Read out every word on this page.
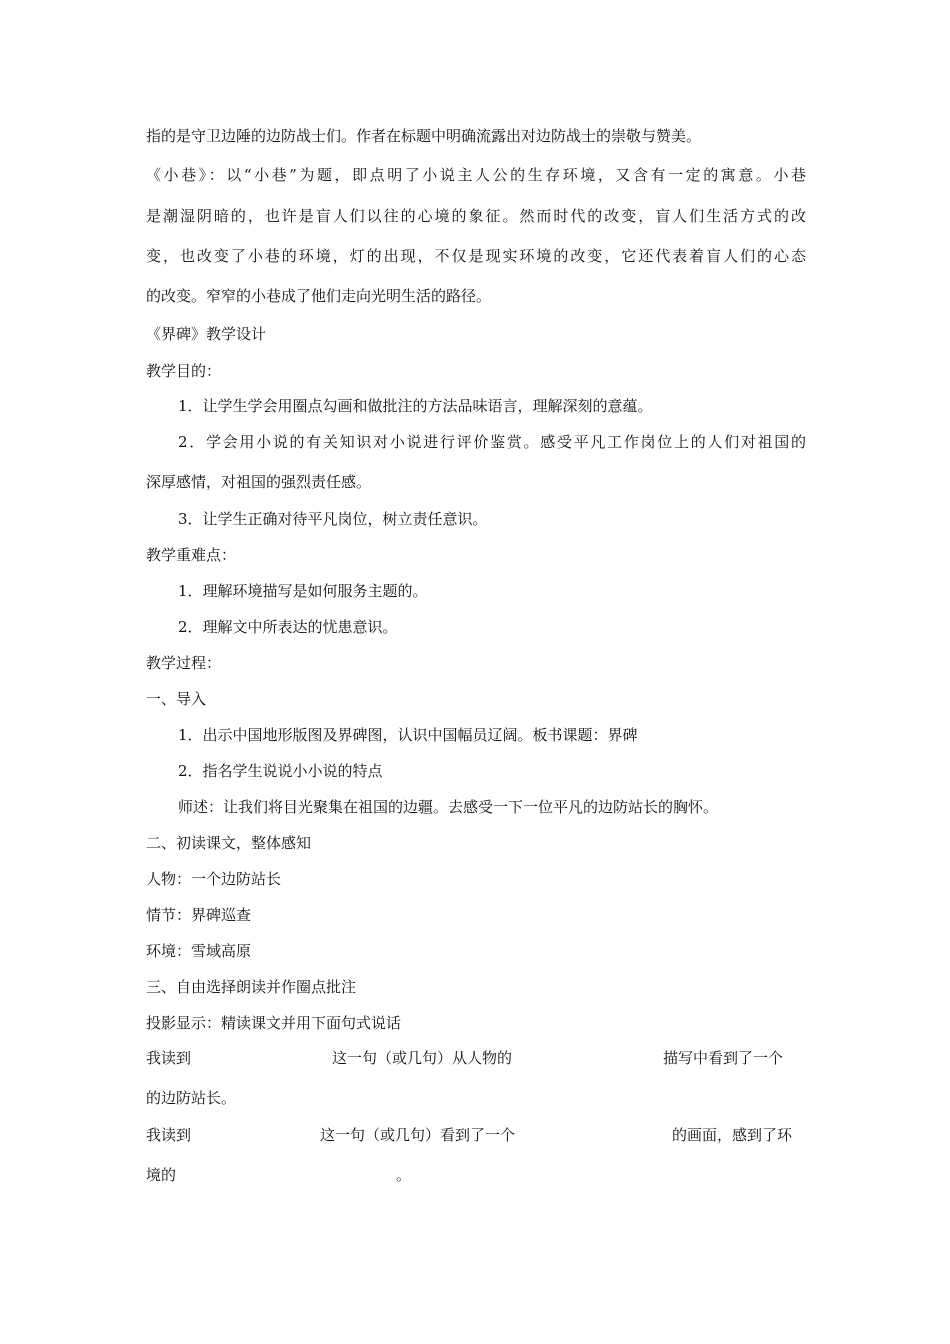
指的是守卫边陲的边防战士们。作者在标题中明确流露出对边防战士的崇敬与赞美。
《小巷》：以“小巷”为题，即点明了小说主人公的生存环境，又含有一定的寓意。小巷
是潮湿阴暗的，也许是盲人们以往的心境的象征。然而时代的改变，盲人们生活方式的改
变，也改变了小巷的环境，灯的出现，不仅是现实环境的改变，它还代表着盲人们的心态
的改变。窄窄的小巷成了他们走向光明生活的路径。
《界碑》教学设计
教学目的：
1．让学生学会用圈点勾画和做批注的方法品味语言，理解深刻的意蕴。
2．学会用小说的有关知识对小说进行评价鉴赏。感受平凡工作岗位上的人们对祖国的
深厚感情，对祖国的强烈责任感。
3．让学生正确对待平凡岗位，树立责任意识。
教学重难点：
1．理解环境描写是如何服务主题的。
2．理解文中所表达的忧患意识。
教学过程：
一、导入
1．出示中国地形版图及界碑图，认识中国幅员辽阔。板书课题：界碑
2．指名学生说说小小说的特点
师述：让我们将目光聚集在祖国的边疆。去感受一下一位平凡的边防站长的胸怀。
二、初读课文，整体感知
人物：一个边防站长
情节：界碑巡查
环境：雪域高原
三、自由选择朗读并作圈点批注
投影显示：精读课文并用下面句式说话
我读到	这一句（或几句）从人物的	描写中看到了一个
的边防站长。
我读到	这一句（或几句）看到了一个	的画面，感到了环
境的	。
